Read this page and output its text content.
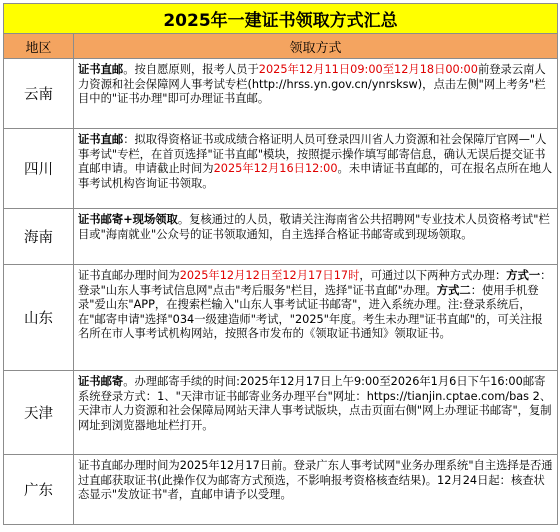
2025年一建证书领取方式汇总	
地区	领取方式
云南	证书直邮。按自愿原则，报考人员于2025年12月11日09:00至12月18日00:00前登录云南人力资源和社会保障网人事考试专栏(http://hrss.yn.gov.cn/ynrsksw)，点击左侧"网上考务"栏目中的"证书办理"即可办理证书直邮。
四川	证书直邮：拟取得资格证书或成绩合格证明人员可登录四川省人力资源和社会保障厅官网—"人事考试"专栏，在首页选择"证书直邮"模块，按照提示操作填写邮寄信息，确认无误后提交证书直邮申请。申请截止时间为2025年12月16日12:00。未申请证书直邮的，可在报名点所在地人事考试机构咨询证书领取。
海南	证书邮寄+现场领取。复核通过的人员，敬请关注海南省公共招聘网"专业技术人员资格考试"栏目或"海南就业"公众号的证书领取通知，自主选择合格证书邮寄或到现场领取。
山东	证书直邮办理时间为2025年12月12日至12月17日17时，可通过以下两种方式办理：方式一：登录"山东人事考试信息网"点击"考后服务"栏目，选择"证书直邮"办理。方式二：使用手机登录"爱山东"APP，在搜索栏输入"山东人事考试证书邮寄"，进入系统办理。注:登录系统后，在"邮寄申请"选择"034一级建造师"考试，"2025"年度。考生未办理"证书直邮"的，可关注报名所在市人事考试机构网站，按照各市发布的《领取证书通知》领取证书。
天津	证书邮寄。办理邮寄手续的时间:2025年12月17日上午9:00至2026年1月6日下午16:00邮寄系统登录方式：1、"天津市证书邮寄业务办理平台"网址：https://tianjin.cptae.com/bas 2、天津市人力资源和社会保障局网站天津人事考试版块，点击页面右侧"网上办理证书邮寄"，复制网址到浏览器地址栏打开。
广东	证书直邮办理时间为2025年12月17日前。登录广东人事考试网"业务办理系统"自主选择是否通过直邮获取证书(此操作仅为邮寄方式预选，不影响报考资格核查结果)。12月24日起：核查状态显示"发放证书"者，直邮申请予以受理。
